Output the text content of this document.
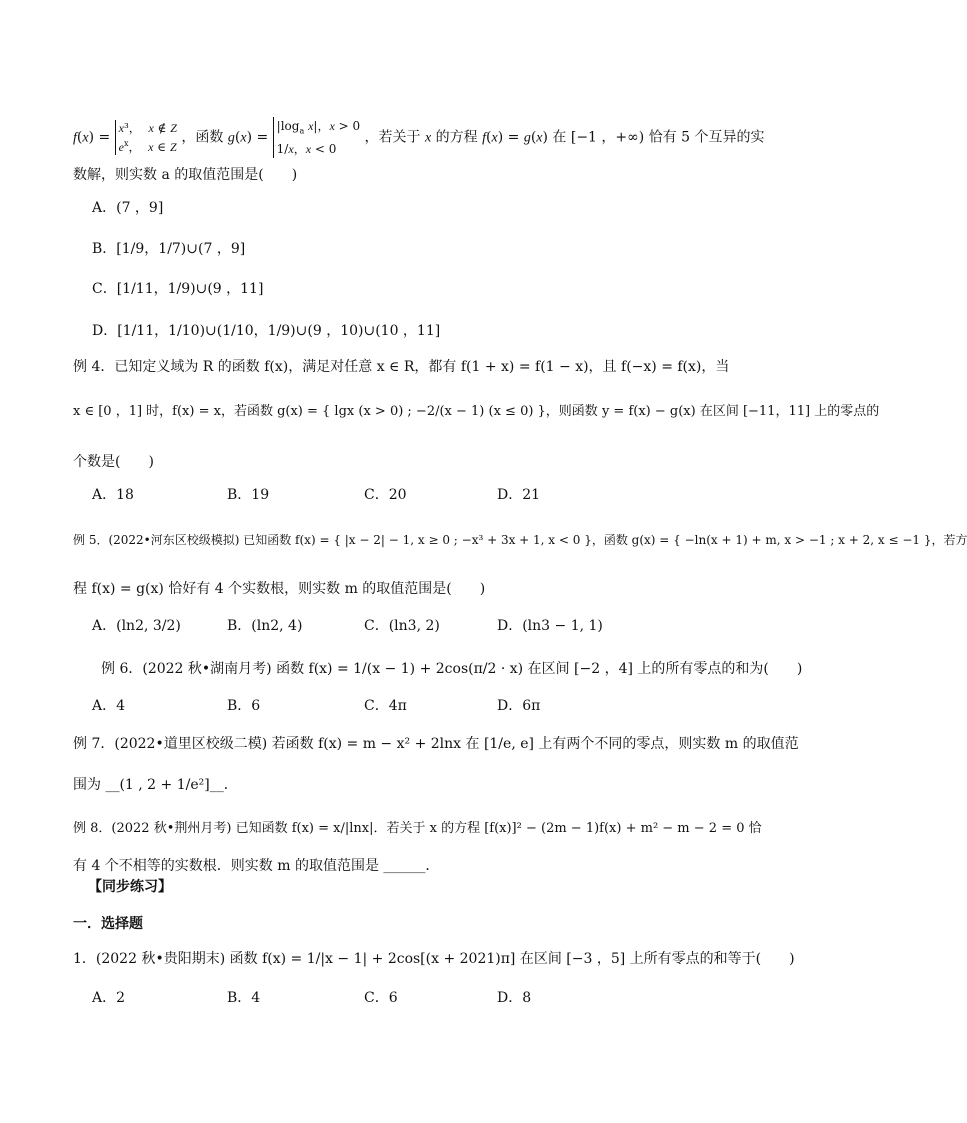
f(x) = x³，  x ∉ Z
$e^x$，  x ∈ Z ，函数 $g(x) = |\log_a$ x|，x > 0
1/x，x < 0 ，若关于 x 的方程 f(x) = g(x) 在 [−1 ，+∞) 恰有 5 个互异的实
数解，则实数 a 的取值范围是(　　)
A．(7 ，9]
B．[1/9，1/7)∪(7 ，9]
C．[1/11，1/9)∪(9 ，11]
D．[1/11，1/10)∪(1/10，1/9)∪(9 ，10)∪(10 ，11]
例 4．已知定义域为 R 的函数 f(x)，满足对任意 x ∈ R，都有 f(1 + x) = f(1 − x)，且 f(−x) = f(x)，当
x ∈ [0 ，1] 时，f(x) = x，若函数 g(x) = { lgx (x > 0) ; −2/(x − 1) (x ≤ 0) }，则函数 y = f(x) − g(x) 在区间 [−11，11] 上的零点的
个数是(　　)
A．18	B．19	C．20	D．21
例 5．(2022•河东区校级模拟) 已知函数 f(x) = { |x − 2| − 1, x ≥ 0 ; −x³ + 3x + 1, x < 0 }，函数 g(x) = { −ln(x + 1) + m, x > −1 ; x + 2, x ≤ −1 }，若方
程 f(x) = g(x) 恰好有 4 个实数根，则实数 m 的取值范围是(　　)
A．(ln2, 3/2)	B．(ln2, 4)	C．(ln3, 2)	D．(ln3 − 1, 1)
例 6．(2022 秋•湖南月考) 函数 f(x) = 1/(x − 1) + 2cos(π/2 · x) 在区间 [−2 ，4] 上的所有零点的和为(　　)
A．4	B．6	C．4π	D．6π
例 7．(2022•道里区校级二模) 若函数 f(x) = m − x² + 2lnx 在 [1/e, e] 上有两个不同的零点，则实数 m 的取值范
围为 __(1 , 2 + 1/e²]__．
例 8．(2022 秋•荆州月考) 已知函数 f(x) = x/|lnx|．若关于 x 的方程 [f(x)]² − (2m − 1)f(x) + m² − m − 2 = 0 恰
有 4 个不相等的实数根．则实数 m 的取值范围是 ______．
【同步练习】
一．选择题
1．(2022 秋•贵阳期末) 函数 f(x) = 1/|x − 1| + 2cos[(x + 2021)π] 在区间 [−3 ，5] 上所有零点的和等于(　　)
A．2	B．4	C．6	D．8
